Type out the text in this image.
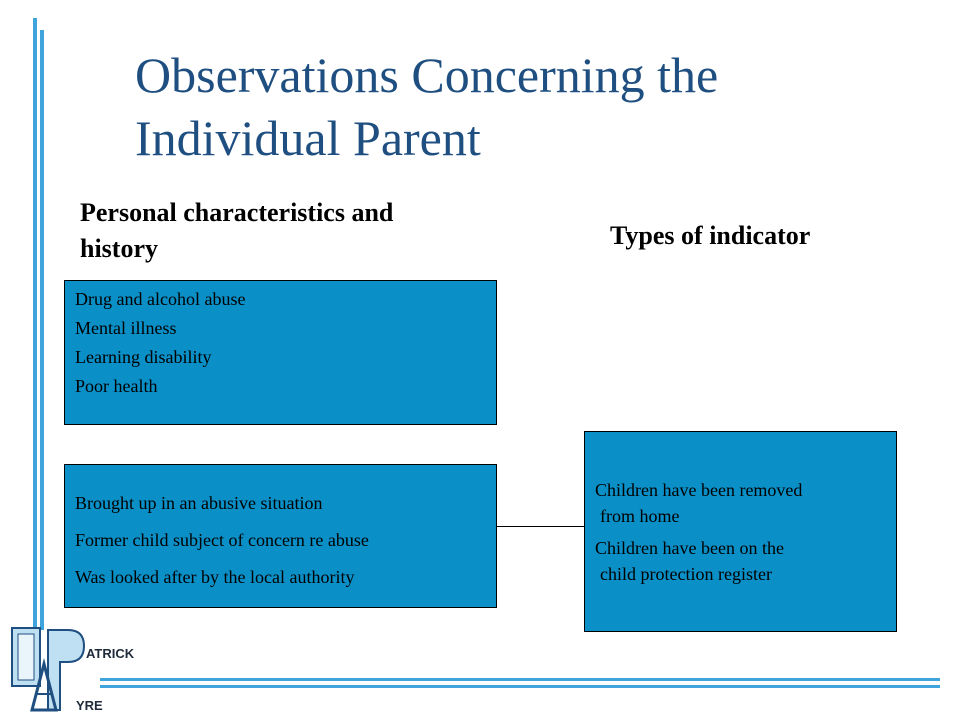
Observations Concerning the
Individual Parent
Personal characteristics and
history	Types of indicator

Drug and alcohol abuse

Mental illness

Learning disability

Poor health

Brought up in an abusive situation

Former child subject of concern re abuse

Was looked after by the local authority

Children have been removed

from home

Children have been on the

child protection register

ATRICK
YRE
